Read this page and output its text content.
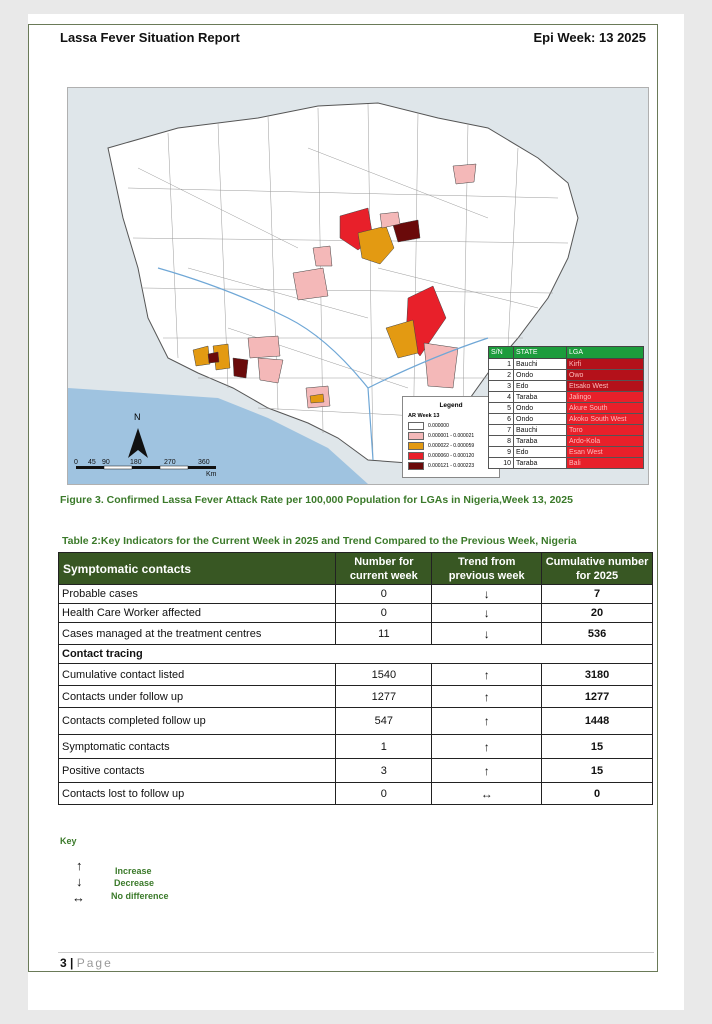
Lassa Fever Situation Report	Epi Week: 13 2025
N
0 45 90	180	270	360
Km
Legend
AR Week 13
0.000000
0.000001 - 0.000021
0.000022 - 0.000059
0.000060 - 0.000120
0.000121 - 0.000223
S/N	STATE	LGA
1	Bauchi	Kirfi
2	Ondo	Owo
3	Edo	Etsako West
4	Taraba	Jalingo
5	Ondo	Akure South
6	Ondo	Akoko South West
7	Bauchi	Toro
8	Taraba	Ardo-Kola
9	Edo	Esan West
10	Taraba	Bali
Figure 3. Confirmed Lassa Fever Attack Rate per 100,000 Population for LGAs in Nigeria,Week 13, 2025
Table 2:Key Indicators for the Current Week in 2025 and Trend Compared to the Previous Week, Nigeria
Symptomatic contacts	Number for current week	Trend from previous week	Cumulative number for 2025
Probable cases	0	↓	7
Health Care Worker affected	0	↓	20
Cases managed at the treatment centres	11	↓	536
Contact tracing			
Cumulative contact listed	1540	↑	3180
Contacts under follow up	1277	↑	1277
Contacts completed follow up	547	↑	1448
Symptomatic contacts	1	↑	15
Positive contacts	3	↑	15
Contacts lost to follow up	0	↔	0
Key
↑
↓
↔
Increase
Decrease
No difference
3 | Page
